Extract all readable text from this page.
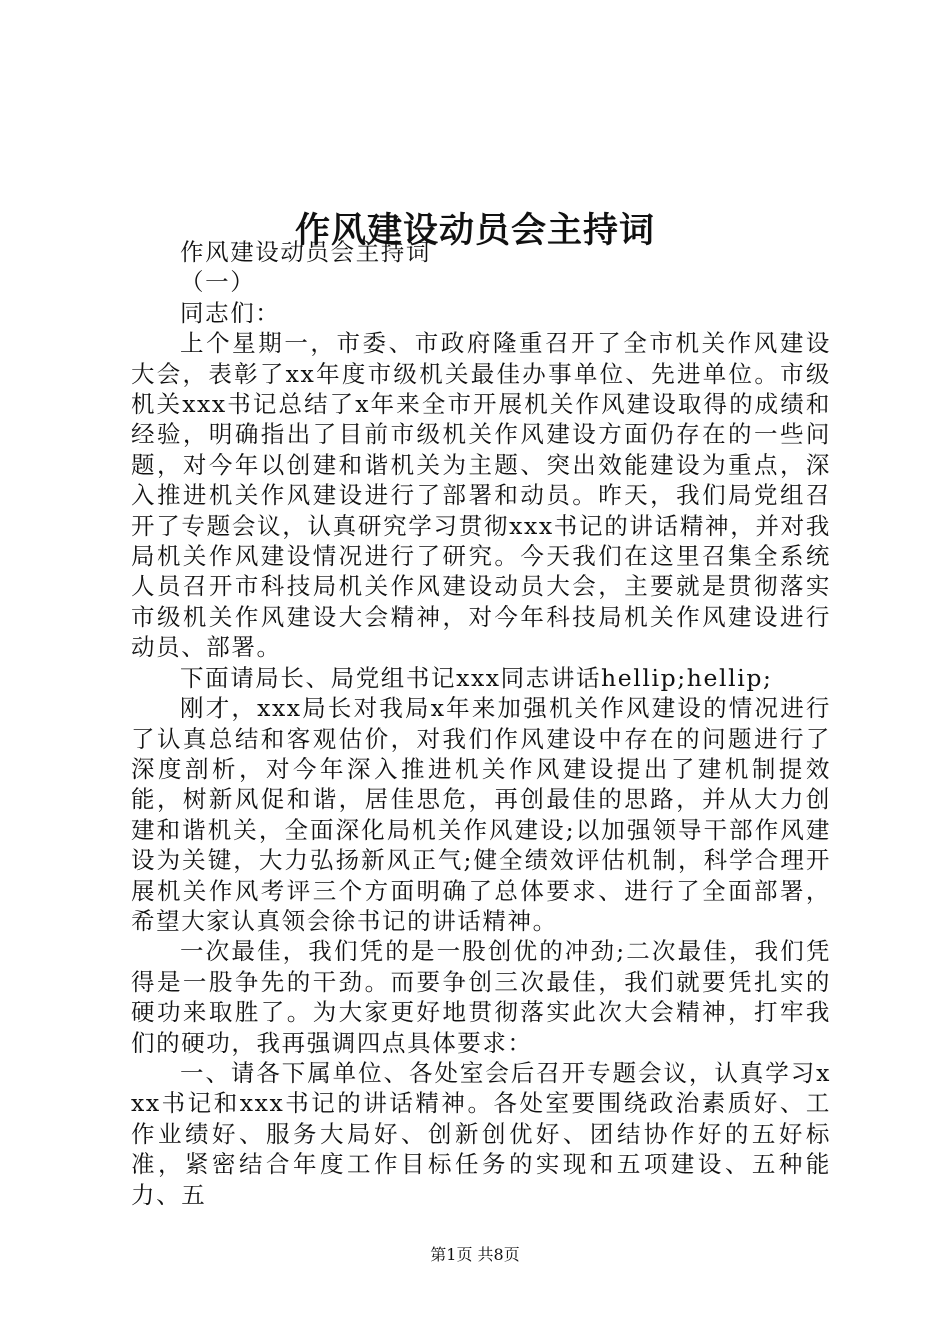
作风建设动员会主持词

作风建设动员会主持词

（一）

同志们：

上个星期一，市委、市政府隆重召开了全市机关作风建设大会，表彰了xx年度市级机关最佳办事单位、先进单位。市级机关xxx书记总结了x年来全市开展机关作风建设取得的成绩和经验，明确指出了目前市级机关作风建设方面仍存在的一些问题，对今年以创建和谐机关为主题、突出效能建设为重点，深入推进机关作风建设进行了部署和动员。昨天，我们局党组召开了专题会议，认真研究学习贯彻xxx书记的讲话精神，并对我局机关作风建设情况进行了研究。今天我们在这里召集全系统人员召开市科技局机关作风建设动员大会，主要就是贯彻落实市级机关作风建设大会精神，对今年科技局机关作风建设进行动员、部署。

下面请局长、局党组书记xxx同志讲话hellip;hellip;

刚才，xxx局长对我局x年来加强机关作风建设的情况进行了认真总结和客观估价，对我们作风建设中存在的问题进行了深度剖析，对今年深入推进机关作风建设提出了建机制提效能，树新风促和谐，居佳思危，再创最佳的思路，并从大力创建和谐机关，全面深化局机关作风建设;以加强领导干部作风建设为关键，大力弘扬新风正气;健全绩效评估机制，科学合理开展机关作风考评三个方面明确了总体要求、进行了全面部署，希望大家认真领会徐书记的讲话精神。

一次最佳，我们凭的是一股创优的冲劲;二次最佳，我们凭得是一股争先的干劲。而要争创三次最佳，我们就要凭扎实的硬功来取胜了。为大家更好地贯彻落实此次大会精神，打牢我们的硬功，我再强调四点具体要求：

一、请各下属单位、各处室会后召开专题会议，认真学习xxx书记和xxx书记的讲话精神。各处室要围绕政治素质好、工作业绩好、服务大局好、创新创优好、团结协作好的五好标准，紧密结合年度工作目标任务的实现和五项建设、五种能力、五

第1页 共8页
